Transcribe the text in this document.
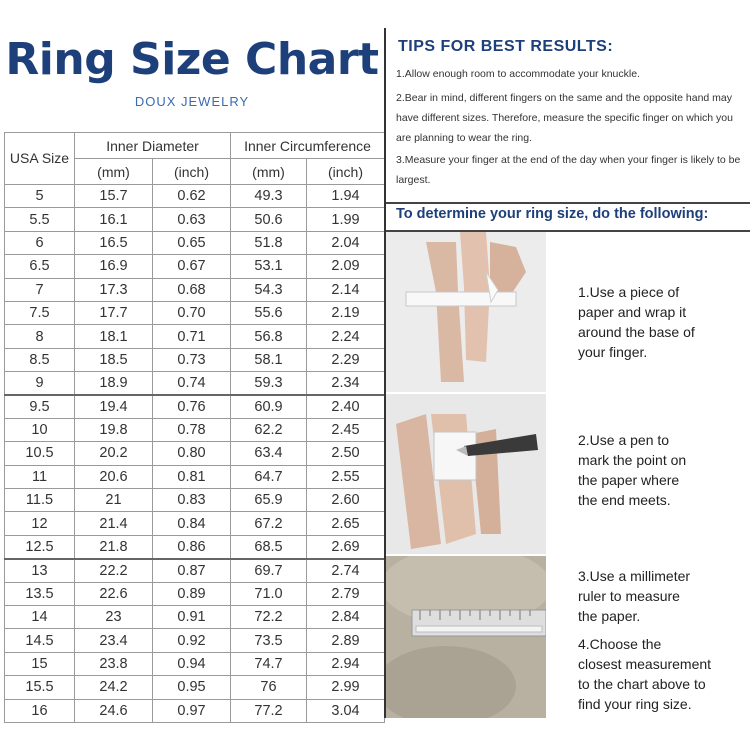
Ring Size Chart
DOUX JEWELRY
USA Size	Inner Diameter		Inner Circumference	
	(mm)	(inch)	(mm)	(inch)
5	15.7	0.62	49.3	1.94
5.5	16.1	0.63	50.6	1.99
6	16.5	0.65	51.8	2.04
6.5	16.9	0.67	53.1	2.09
7	17.3	0.68	54.3	2.14
7.5	17.7	0.70	55.6	2.19
8	18.1	0.71	56.8	2.24
8.5	18.5	0.73	58.1	2.29
9	18.9	0.74	59.3	2.34
9.5	19.4	0.76	60.9	2.40
10	19.8	0.78	62.2	2.45
10.5	20.2	0.80	63.4	2.50
11	20.6	0.81	64.7	2.55
11.5	21	0.83	65.9	2.60
12	21.4	0.84	67.2	2.65
12.5	21.8	0.86	68.5	2.69
13	22.2	0.87	69.7	2.74
13.5	22.6	0.89	71.0	2.79
14	23	0.91	72.2	2.84
14.5	23.4	0.92	73.5	2.89
15	23.8	0.94	74.7	2.94
15.5	24.2	0.95	76	2.99
16	24.6	0.97	77.2	3.04
TIPS FOR BEST RESULTS:
1.Allow enough room to accommodate your knuckle.
2.Bear in mind, different fingers on the same and the opposite hand may have different sizes. Therefore, measure the specific finger on which you are planning to wear the ring.
3.Measure your finger at the end of the day when your finger is likely to be largest.
To determine your ring size, do the following:
1.Use a piece of
paper and wrap it
around the base of
your finger.
2.Use a pen to
mark the point on
the paper where
the end meets.
3.Use a millimeter
ruler to measure
the paper.
4.Choose the
closest measurement
to the chart above to
find your ring size.
